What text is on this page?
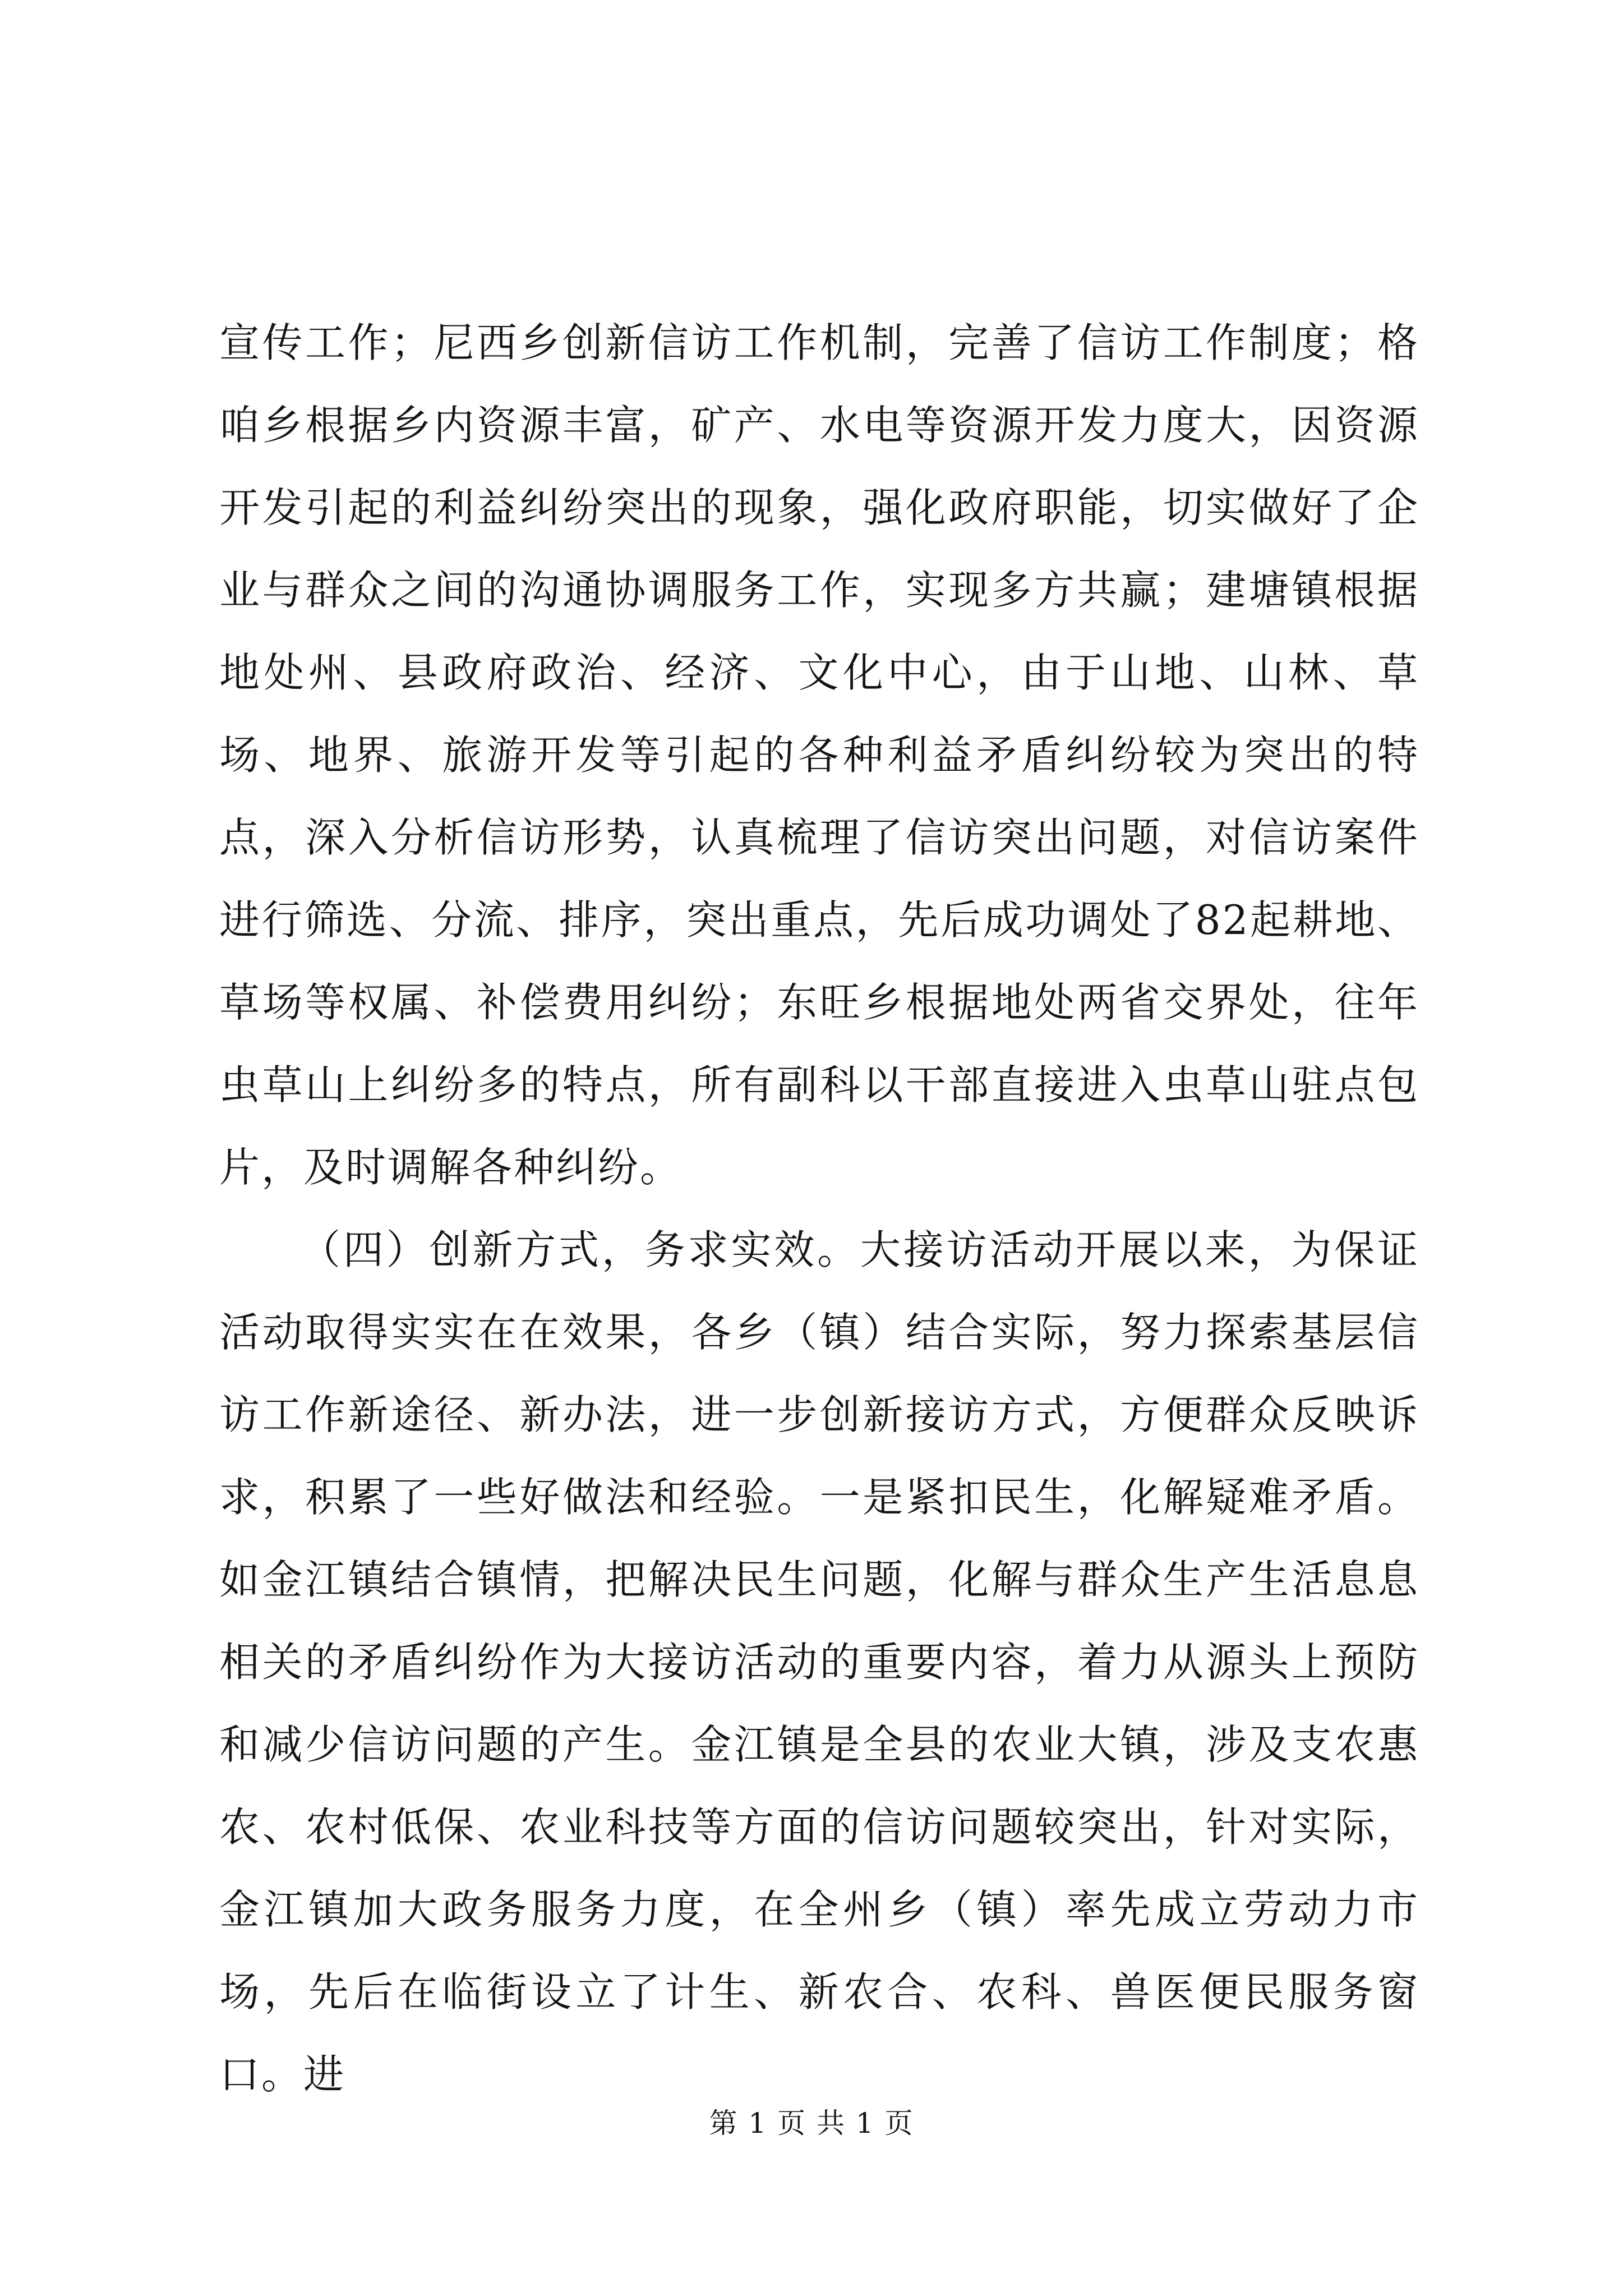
宣传工作；尼西乡创新信访工作机制，完善了信访工作制度；格咱乡根据乡内资源丰富，矿产、水电等资源开发力度大，因资源开发引起的利益纠纷突出的现象，强化政府职能，切实做好了企业与群众之间的沟通协调服务工作，实现多方共赢；建塘镇根据地处州、县政府政治、经济、文化中心，由于山地、山林、草场、地界、旅游开发等引起的各种利益矛盾纠纷较为突出的特点，深入分析信访形势，认真梳理了信访突出问题，对信访案件进行筛选、分流、排序，突出重点，先后成功调处了82起耕地、草场等权属、补偿费用纠纷；东旺乡根据地处两省交界处，往年虫草山上纠纷多的特点，所有副科以干部直接进入虫草山驻点包片，及时调解各种纠纷。

（四）创新方式，务求实效。大接访活动开展以来，为保证活动取得实实在在效果，各乡（镇）结合实际，努力探索基层信访工作新途径、新办法，进一步创新接访方式，方便群众反映诉求，积累了一些好做法和经验。一是紧扣民生，化解疑难矛盾。如金江镇结合镇情，把解决民生问题，化解与群众生产生活息息相关的矛盾纠纷作为大接访活动的重要内容，着力从源头上预防和减少信访问题的产生。金江镇是全县的农业大镇，涉及支农惠农、农村低保、农业科技等方面的信访问题较突出，针对实际，金江镇加大政务服务力度，在全州乡（镇）率先成立劳动力市场，先后在临街设立了计生、新农合、农科、兽医便民服务窗口。进

第 1 页 共 1 页
